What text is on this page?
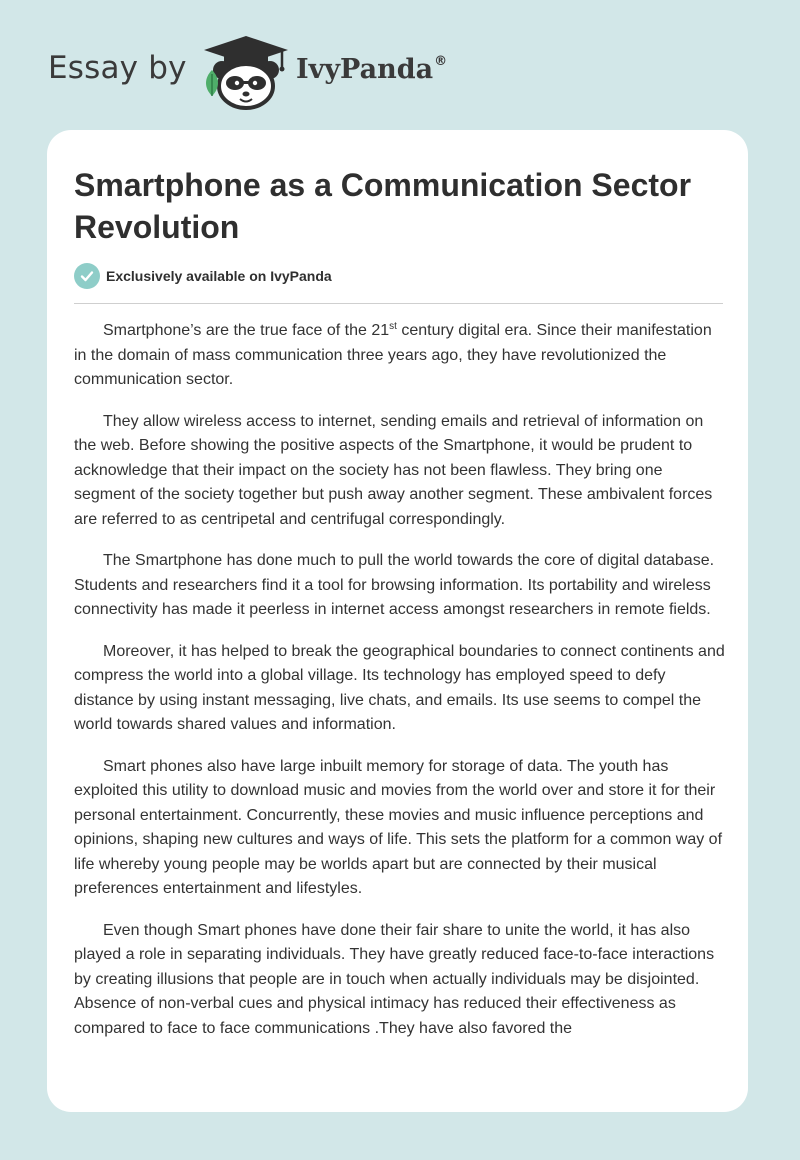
Essay by	IvyPanda®
Smartphone as a Communication Sector Revolution
Exclusively available on IvyPanda

Smartphone’s are the true face of the 21st century digital era. Since their manifestation in the domain of mass communication three years ago, they have revolutionized the communication sector.

They allow wireless access to internet, sending emails and retrieval of information on the web. Before showing the positive aspects of the Smartphone, it would be prudent to acknowledge that their impact on the society has not been flawless. They bring one segment of the society together but push away another segment. These ambivalent forces are referred to as centripetal and centrifugal correspondingly.

The Smartphone has done much to pull the world towards the core of digital database. Students and researchers find it a tool for browsing information. Its portability and wireless connectivity has made it peerless in internet access amongst researchers in remote fields.

Moreover, it has helped to break the geographical boundaries to connect continents and compress the world into a global village. Its technology has employed speed to defy distance by using instant messaging, live chats, and emails. Its use seems to compel the world towards shared values and information.

Smart phones also have large inbuilt memory for storage of data. The youth has exploited this utility to download music and movies from the world over and store it for their personal entertainment. Concurrently, these movies and music influence perceptions and opinions, shaping new cultures and ways of life. This sets the platform for a common way of life whereby young people may be worlds apart but are connected by their musical preferences entertainment and lifestyles.

Even though Smart phones have done their fair share to unite the world, it has also played a role in separating individuals. They have greatly reduced face-to-face interactions by creating illusions that people are in touch when actually individuals may be disjointed. Absence of non-verbal cues and physical intimacy has reduced their effectiveness as compared to face to face communications .They have also favored the
